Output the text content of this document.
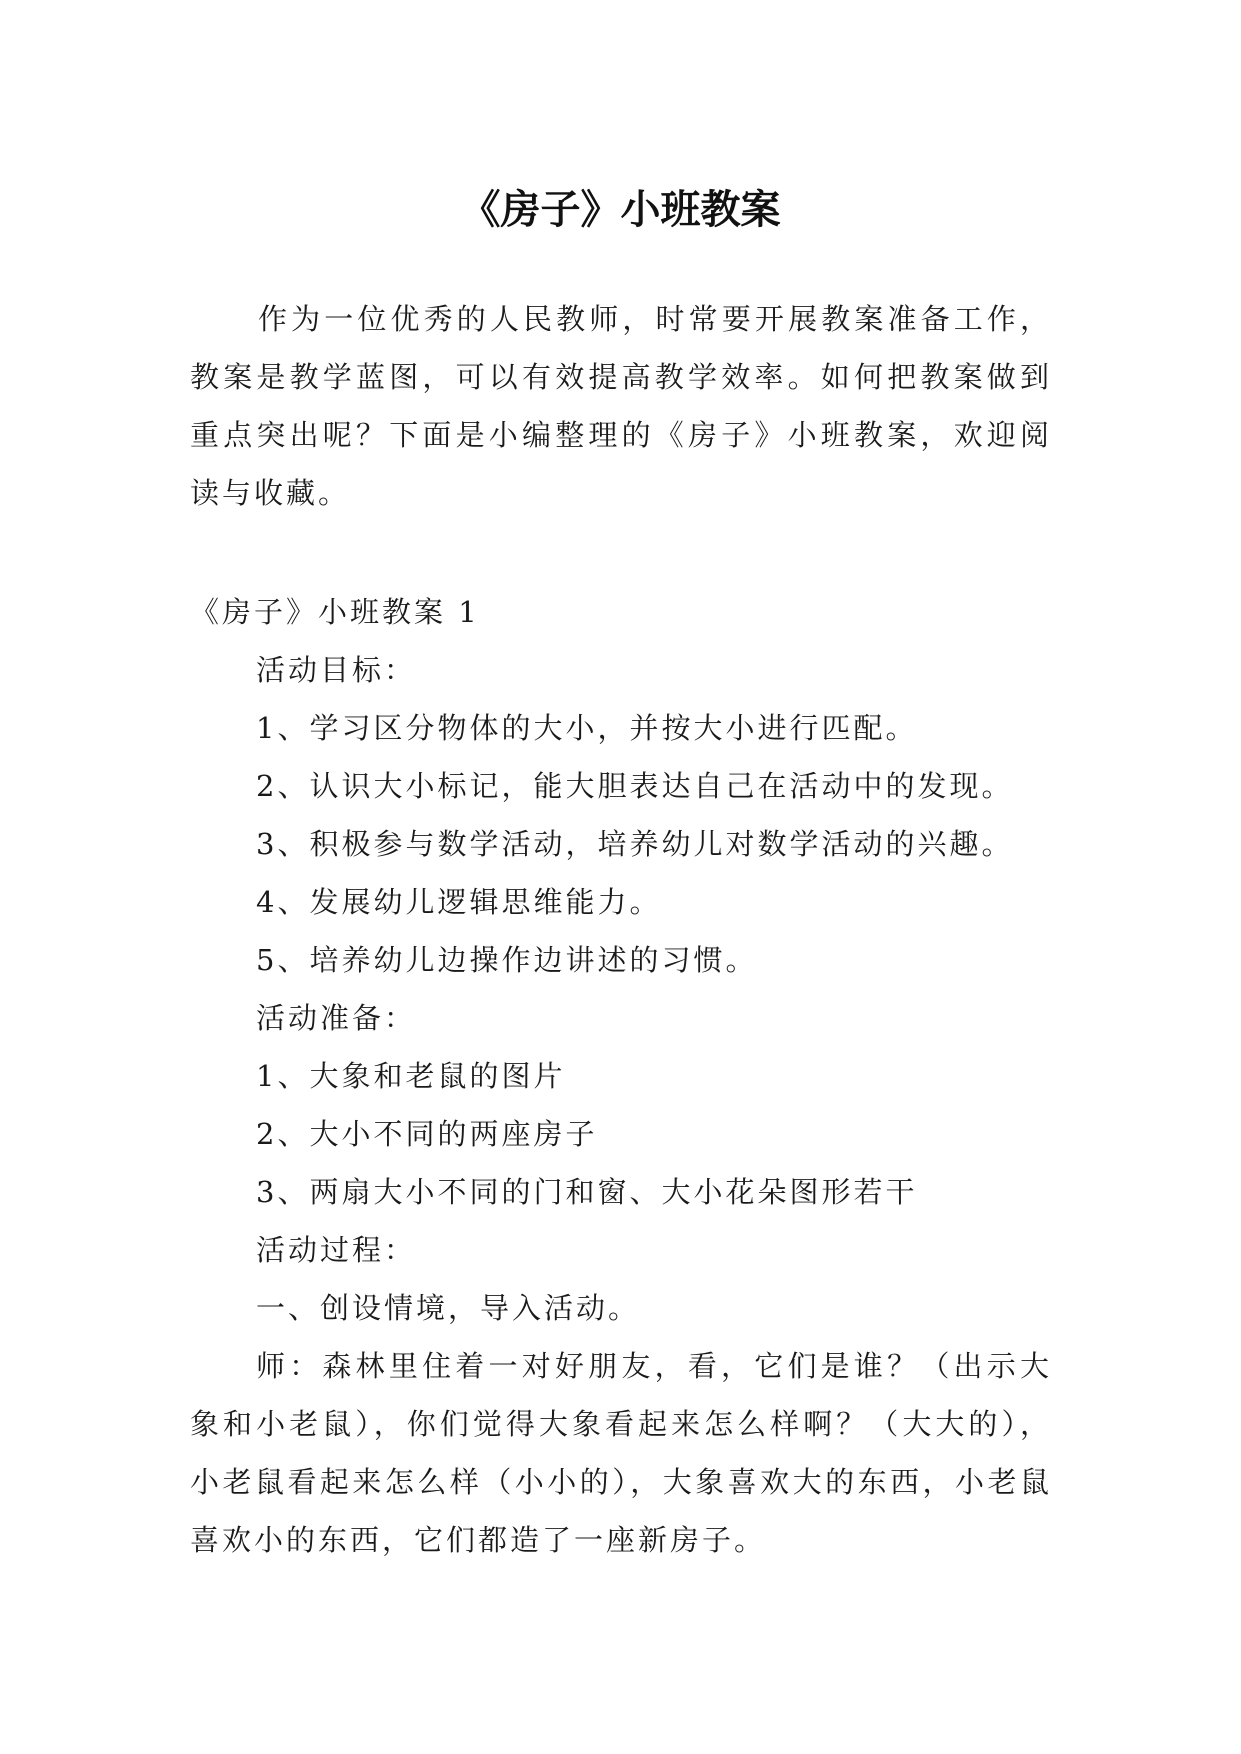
《房子》小班教案

作为一位优秀的人民教师，时常要开展教案准备工作，教案是教学蓝图，可以有效提高教学效率。如何把教案做到重点突出呢？下面是小编整理的《房子》小班教案，欢迎阅读与收藏。

《房子》小班教案 1

活动目标：

1、学习区分物体的大小，并按大小进行匹配。

2、认识大小标记，能大胆表达自己在活动中的发现。

3、积极参与数学活动，培养幼儿对数学活动的兴趣。

4、发展幼儿逻辑思维能力。

5、培养幼儿边操作边讲述的习惯。

活动准备：

1、大象和老鼠的图片

2、大小不同的两座房子

3、两扇大小不同的门和窗、大小花朵图形若干

活动过程：

一、创设情境，导入活动。

师：森林里住着一对好朋友，看，它们是谁？（出示大象和小老鼠），你们觉得大象看起来怎么样啊？（大大的），小老鼠看起来怎么样（小小的），大象喜欢大的东西，小老鼠喜欢小的东西，它们都造了一座新房子。
